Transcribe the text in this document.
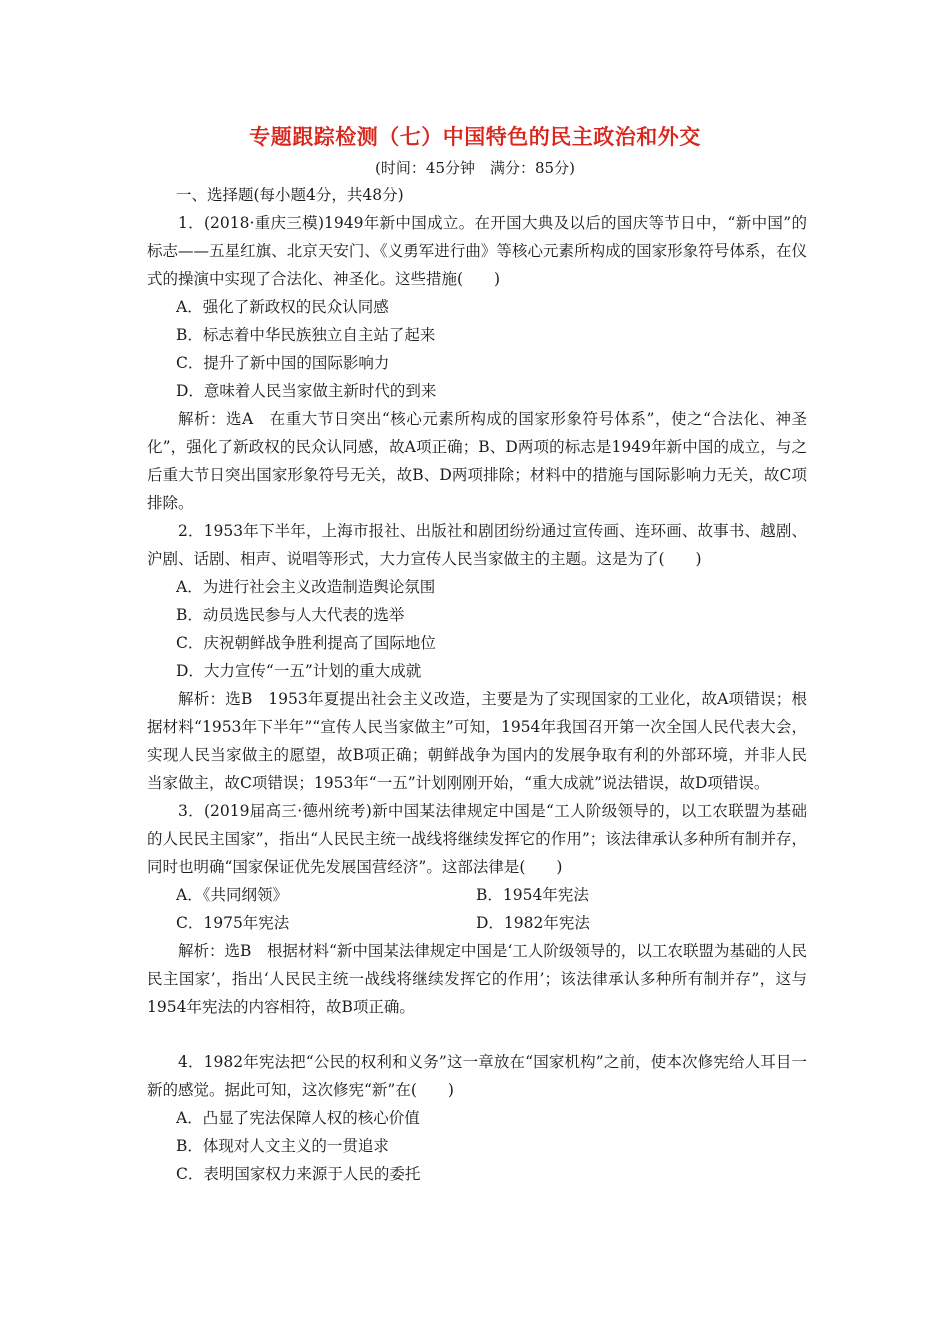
专题跟踪检测（七）中国特色的民主政治和外交
(时间：45分钟　满分：85分)

一、选择题(每小题4分，共48分)

1．(2018·重庆三模)1949年新中国成立。在开国大典及以后的国庆等节日中，“新中国”的标志——五星红旗、北京天安门、《义勇军进行曲》等核心元素所构成的国家形象符号体系，在仪式的操演中实现了合法化、神圣化。这些措施(　　)

A．强化了新政权的民众认同感

B．标志着中华民族独立自主站了起来

C．提升了新中国的国际影响力

D．意味着人民当家做主新时代的到来

解析：选A　在重大节日突出“核心元素所构成的国家形象符号体系”，使之“合法化、神圣化”，强化了新政权的民众认同感，故A项正确；B、D两项的标志是1949年新中国的成立，与之后重大节日突出国家形象符号无关，故B、D两项排除；材料中的措施与国际影响力无关，故C项排除。

2．1953年下半年，上海市报社、出版社和剧团纷纷通过宣传画、连环画、故事书、越剧、沪剧、话剧、相声、说唱等形式，大力宣传人民当家做主的主题。这是为了(　　)

A．为进行社会主义改造制造舆论氛围

B．动员选民参与人大代表的选举

C．庆祝朝鲜战争胜利提高了国际地位

D．大力宣传“一五”计划的重大成就

解析：选B　1953年夏提出社会主义改造，主要是为了实现国家的工业化，故A项错误；根据材料“1953年下半年”“宣传人民当家做主”可知，1954年我国召开第一次全国人民代表大会，实现人民当家做主的愿望，故B项正确；朝鲜战争为国内的发展争取有利的外部环境，并非人民当家做主，故C项错误；1953年“一五”计划刚刚开始，“重大成就”说法错误，故D项错误。

3．(2019届高三·德州统考)新中国某法律规定中国是“工人阶级领导的，以工农联盟为基础的人民民主国家”，指出“人民民主统一战线将继续发挥它的作用”；该法律承认多种所有制并存，同时也明确“国家保证优先发展国营经济”。这部法律是(　　)

A．《共同纲领》	B．1954年宪法
C．1975年宪法	D．1982年宪法

解析：选B　根据材料“新中国某法律规定中国是‘工人阶级领导的，以工农联盟为基础的人民民主国家’，指出‘人民民主统一战线将继续发挥它的作用’；该法律承认多种所有制并存”，这与1954年宪法的内容相符，故B项正确。

4．1982年宪法把“公民的权利和义务”这一章放在“国家机构”之前，使本次修宪给人耳目一新的感觉。据此可知，这次修宪“新”在(　　)

A．凸显了宪法保障人权的核心价值

B．体现对人文主义的一贯追求

C．表明国家权力来源于人民的委托
